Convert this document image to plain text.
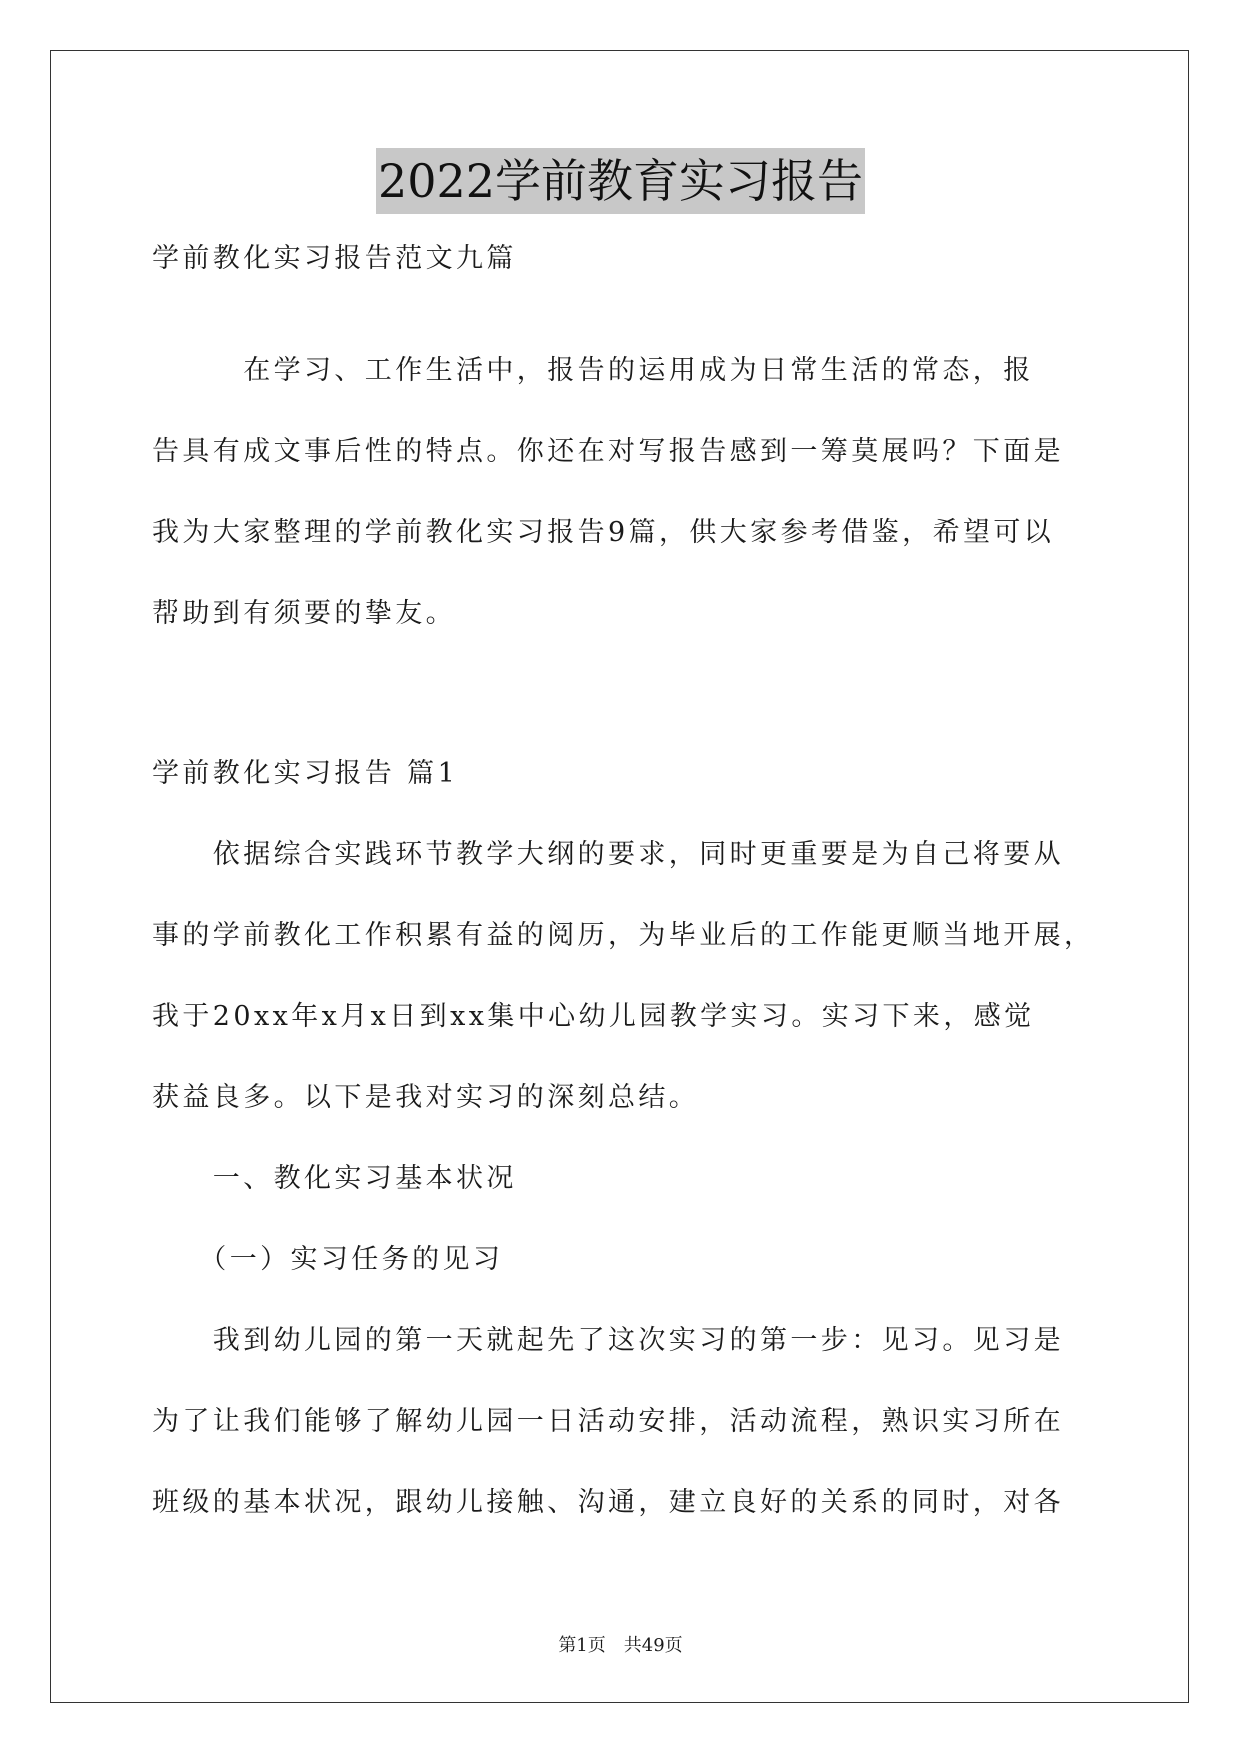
2022学前教育实习报告
学前教化实习报告范文九篇
　　　在学习、工作生活中，报告的运用成为日常生活的常态，报
告具有成文事后性的特点。你还在对写报告感到一筹莫展吗？下面是
我为大家整理的学前教化实习报告9篇，供大家参考借鉴，希望可以
帮助到有须要的挚友。
学前教化实习报告 篇1
　　依据综合实践环节教学大纲的要求，同时更重要是为自己将要从
事的学前教化工作积累有益的阅历，为毕业后的工作能更顺当地开展，
我于20xx年x月x日到xx集中心幼儿园教学实习。实习下来，感觉
获益良多。以下是我对实习的深刻总结。
　　一、教化实习基本状况
　　（一）实习任务的见习
　　我到幼儿园的第一天就起先了这次实习的第一步：见习。见习是
为了让我们能够了解幼儿园一日活动安排，活动流程，熟识实习所在
班级的基本状况，跟幼儿接触、沟通，建立良好的关系的同时，对各
第1页　共49页
